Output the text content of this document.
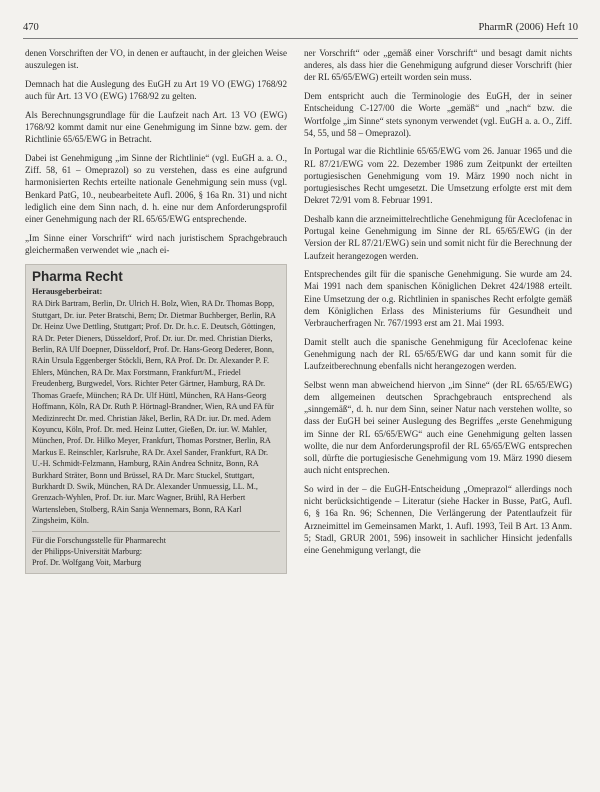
470	PharmR (2006) Heft 10

denen Vorschriften der VO, in denen er auftaucht, in der gleichen Weise auszulegen ist.

Demnach hat die Auslegung des EuGH zu Art 19 VO (EWG) 1768/92 auch für Art. 13 VO (EWG) 1768/92 zu gelten.

Als Berechnungsgrundlage für die Laufzeit nach Art. 13 VO (EWG) 1768/92 kommt damit nur eine Genehmigung im Sinne bzw. gem. der Richtlinie 65/65/EWG in Betracht.

Dabei ist Genehmigung „im Sinne der Richtlinie“ (vgl. EuGH a. a. O., Ziff. 58, 61 – Omeprazol) so zu verstehen, dass es eine aufgrund harmonisierten Rechts erteilte nationale Genehmigung sein muss (vgl. Benkard PatG, 10., neubearbeitete Aufl. 2006, § 16a Rn. 31) und nicht lediglich eine dem Sinn nach, d. h. eine nur dem Anforderungsprofil einer Genehmigung nach der RL 65/65/EWG entsprechende.

„Im Sinne einer Vorschrift“ wird nach juristischem Sprachgebrauch gleichermaßen verwendet wie „nach ei-

Pharma Recht
Herausgeberbeirat:
RA Dirk Bartram, Berlin, Dr. Ulrich H. Bolz, Wien, RA Dr. Thomas Bopp, Stuttgart, Dr. iur. Peter Bratschi, Bern; Dr. Dietmar Buchberger, Berlin, RA Dr. Heinz Uwe Dettling, Stuttgart; Prof. Dr. Dr. h.c. E. Deutsch, Göttingen, RA Dr. Peter Dieners, Düsseldorf, Prof. Dr. iur. Dr. med. Christian Dierks, Berlin, RA Ulf Doepner, Düsseldorf, Prof. Dr. Hans-Georg Dederer, Bonn, RAin Ursula Eggenberger Stöckli, Bern, RA Prof. Dr. Dr. Alexander P. F. Ehlers, München, RA Dr. Max Forstmann, Frankfurt/M., Friedel Freudenberg, Burgwedel, Vors. Richter Peter Gärtner, Hamburg, RA Dr. Thomas Graefe, München; RA Dr. Ulf Hüttl, München, RA Hans-Georg Hoffmann, Köln, RA Dr. Ruth P. Hörtnagl-Brandner, Wien, RA und FA für Medizinrecht Dr. med. Christian Jäkel, Berlin, RA Dr. iur. Dr. med. Adem Koyuncu, Köln, Prof. Dr. med. Heinz Lutter, Gießen, Dr. iur. W. Mahler, München, Prof. Dr. Hilko Meyer, Frankfurt, Thomas Porstner, Berlin, RA Markus E. Reinschler, Karlsruhe, RA Dr. Axel Sander, Frankfurt, RA Dr. U.-H. Schmidt-Felzmann, Hamburg, RAin Andrea Schnitz, Bonn, RA Burkhard Sträter, Bonn und Brüssel, RA Dr. Marc Stuckel, Stuttgart, Burkhardt D. Swik, München, RA Dr. Alexander Unmuessig, LL. M., Grenzach-Wyhlen, Prof. Dr. iur. Marc Wagner, Brühl, RA Herbert Wartensleben, Stolberg, RAin Sanja Wennemars, Bonn, RA Karl Zingsheim, Köln.
Für die Forschungsstelle für Pharmarecht
der Philipps-Universität Marburg:
Prof. Dr. Wolfgang Voit, Marburg

ner Vorschrift“ oder „gemäß einer Vorschrift“ und besagt damit nichts anderes, als dass hier die Genehmigung aufgrund dieser Vorschrift (hier der RL 65/65/EWG) erteilt worden sein muss.

Dem entspricht auch die Terminologie des EuGH, der in seiner Entscheidung C-127/00 die Worte „gemäß“ und „nach“ bzw. die Wortfolge „im Sinne“ stets synonym verwendet (vgl. EuGH a. a. O., Ziff. 54, 55, und 58 – Omeprazol).

In Portugal war die Richtlinie 65/65/EWG vom 26. Januar 1965 und die RL 87/21/EWG vom 22. Dezember 1986 zum Zeitpunkt der erteilten portugiesischen Genehmigung vom 19. März 1990 noch nicht in portugiesisches Recht umgesetzt. Die Umsetzung erfolgte erst mit dem Dekret 72/91 vom 8. Februar 1991.

Deshalb kann die arzneimittelrechtliche Genehmigung für Aceclofenac in Portugal keine Genehmigung im Sinne der RL 65/65/EWG (in der Version der RL 87/21/EWG) sein und somit nicht für die Berechnung der Laufzeit herangezogen werden.

Entsprechendes gilt für die spanische Genehmigung. Sie wurde am 24. Mai 1991 nach dem spanischen Königlichen Dekret 424/1988 erteilt. Eine Umsetzung der o.g. Richtlinien in spanisches Recht erfolgte gemäß dem Königlichen Erlass des Ministeriums für Gesundheit und Verbraucherfragen Nr. 767/1993 erst am 21. Mai 1993.

Damit stellt auch die spanische Genehmigung für Aceclofenac keine Genehmigung nach der RL 65/65/EWG dar und kann somit für die Laufzeitberechnung ebenfalls nicht herangezogen werden.

Selbst wenn man abweichend hiervon „im Sinne“ (der RL 65/65/EWG) dem allgemeinen deutschen Sprachgebrauch entsprechend als „sinngemäß“, d. h. nur dem Sinn, seiner Natur nach verstehen wollte, so dass der EuGH bei seiner Auslegung des Begriffes „erste Genehmigung im Sinne der RL 65/65/EWG“ auch eine Genehmigung gelten lassen wollte, die nur dem Anforderungsprofil der RL 65/65/EWG entsprechen soll, dürfte die portugiesische Genehmigung vom 19. März 1990 diesem auch nicht entsprechen.

So wird in der – die EuGH-Entscheidung „Omeprazol“ allerdings noch nicht berücksichtigende – Literatur (siehe Hacker in Busse, PatG, Aufl. 6, § 16a Rn. 96; Schennen, Die Verlängerung der Patentlaufzeit für Arzneimittel im Gemeinsamen Markt, 1. Aufl. 1993, Teil B Art. 13 Anm. 5; Stadl, GRUR 2001, 596) insoweit in sachlicher Hinsicht jedenfalls eine Genehmigung verlangt, die
